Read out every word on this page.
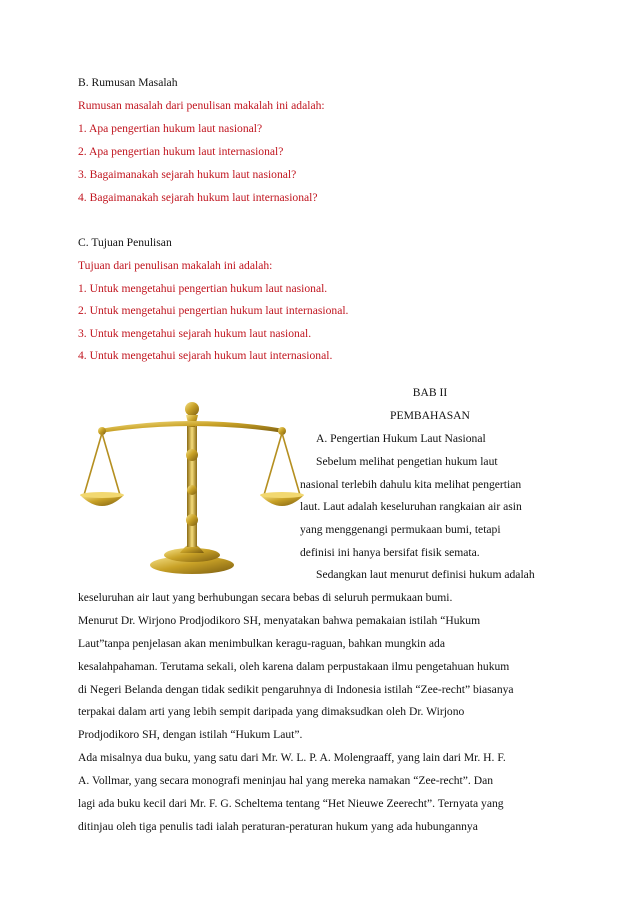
B. Rumusan Masalah
Rumusan masalah dari penulisan makalah ini adalah:
1. Apa pengertian hukum laut nasional?
2. Apa pengertian hukum laut internasional?
3. Bagaimanakah sejarah hukum laut nasional?
4. Bagaimanakah sejarah hukum laut internasional?
C. Tujuan Penulisan
Tujuan dari penulisan makalah ini adalah:
1. Untuk mengetahui pengertian hukum laut nasional.
2. Untuk mengetahui pengertian hukum laut internasional.
3. Untuk mengetahui sejarah hukum laut nasional.
4. Untuk mengetahui sejarah hukum laut internasional.
BAB II
PEMBAHASAN
A. Pengertian Hukum Laut Nasional
Sebelum melihat pengetian hukum laut
nasional terlebih dahulu kita melihat pengertian
laut. Laut adalah keseluruhan rangkaian air asin
yang menggenangi permukaan bumi, tetapi
definisi ini hanya bersifat fisik semata.
Sedangkan laut menurut definisi hukum adalah
keseluruhan air laut yang berhubungan secara bebas di seluruh permukaan bumi.
Menurut Dr. Wirjono Prodjodikoro SH, menyatakan bahwa pemakaian istilah “Hukum
Laut”tanpa penjelasan akan menimbulkan keragu-raguan, bahkan mungkin ada
kesalahpahaman. Terutama sekali, oleh karena dalam perpustakaan ilmu pengetahuan hukum
di Negeri Belanda dengan tidak sedikit pengaruhnya di Indonesia istilah “Zee-recht” biasanya
terpakai dalam arti yang lebih sempit daripada yang dimaksudkan oleh Dr. Wirjono
Prodjodikoro SH, dengan istilah “Hukum Laut”.
Ada misalnya dua buku, yang satu dari Mr. W. L. P. A. Molengraaff, yang lain dari Mr. H. F.
A. Vollmar, yang secara monografi meninjau hal yang mereka namakan “Zee-recht”. Dan
lagi ada buku kecil dari Mr. F. G. Scheltema tentang “Het Nieuwe Zeerecht”. Ternyata yang
ditinjau oleh tiga penulis tadi ialah peraturan-peraturan hukum yang ada hubungannya
